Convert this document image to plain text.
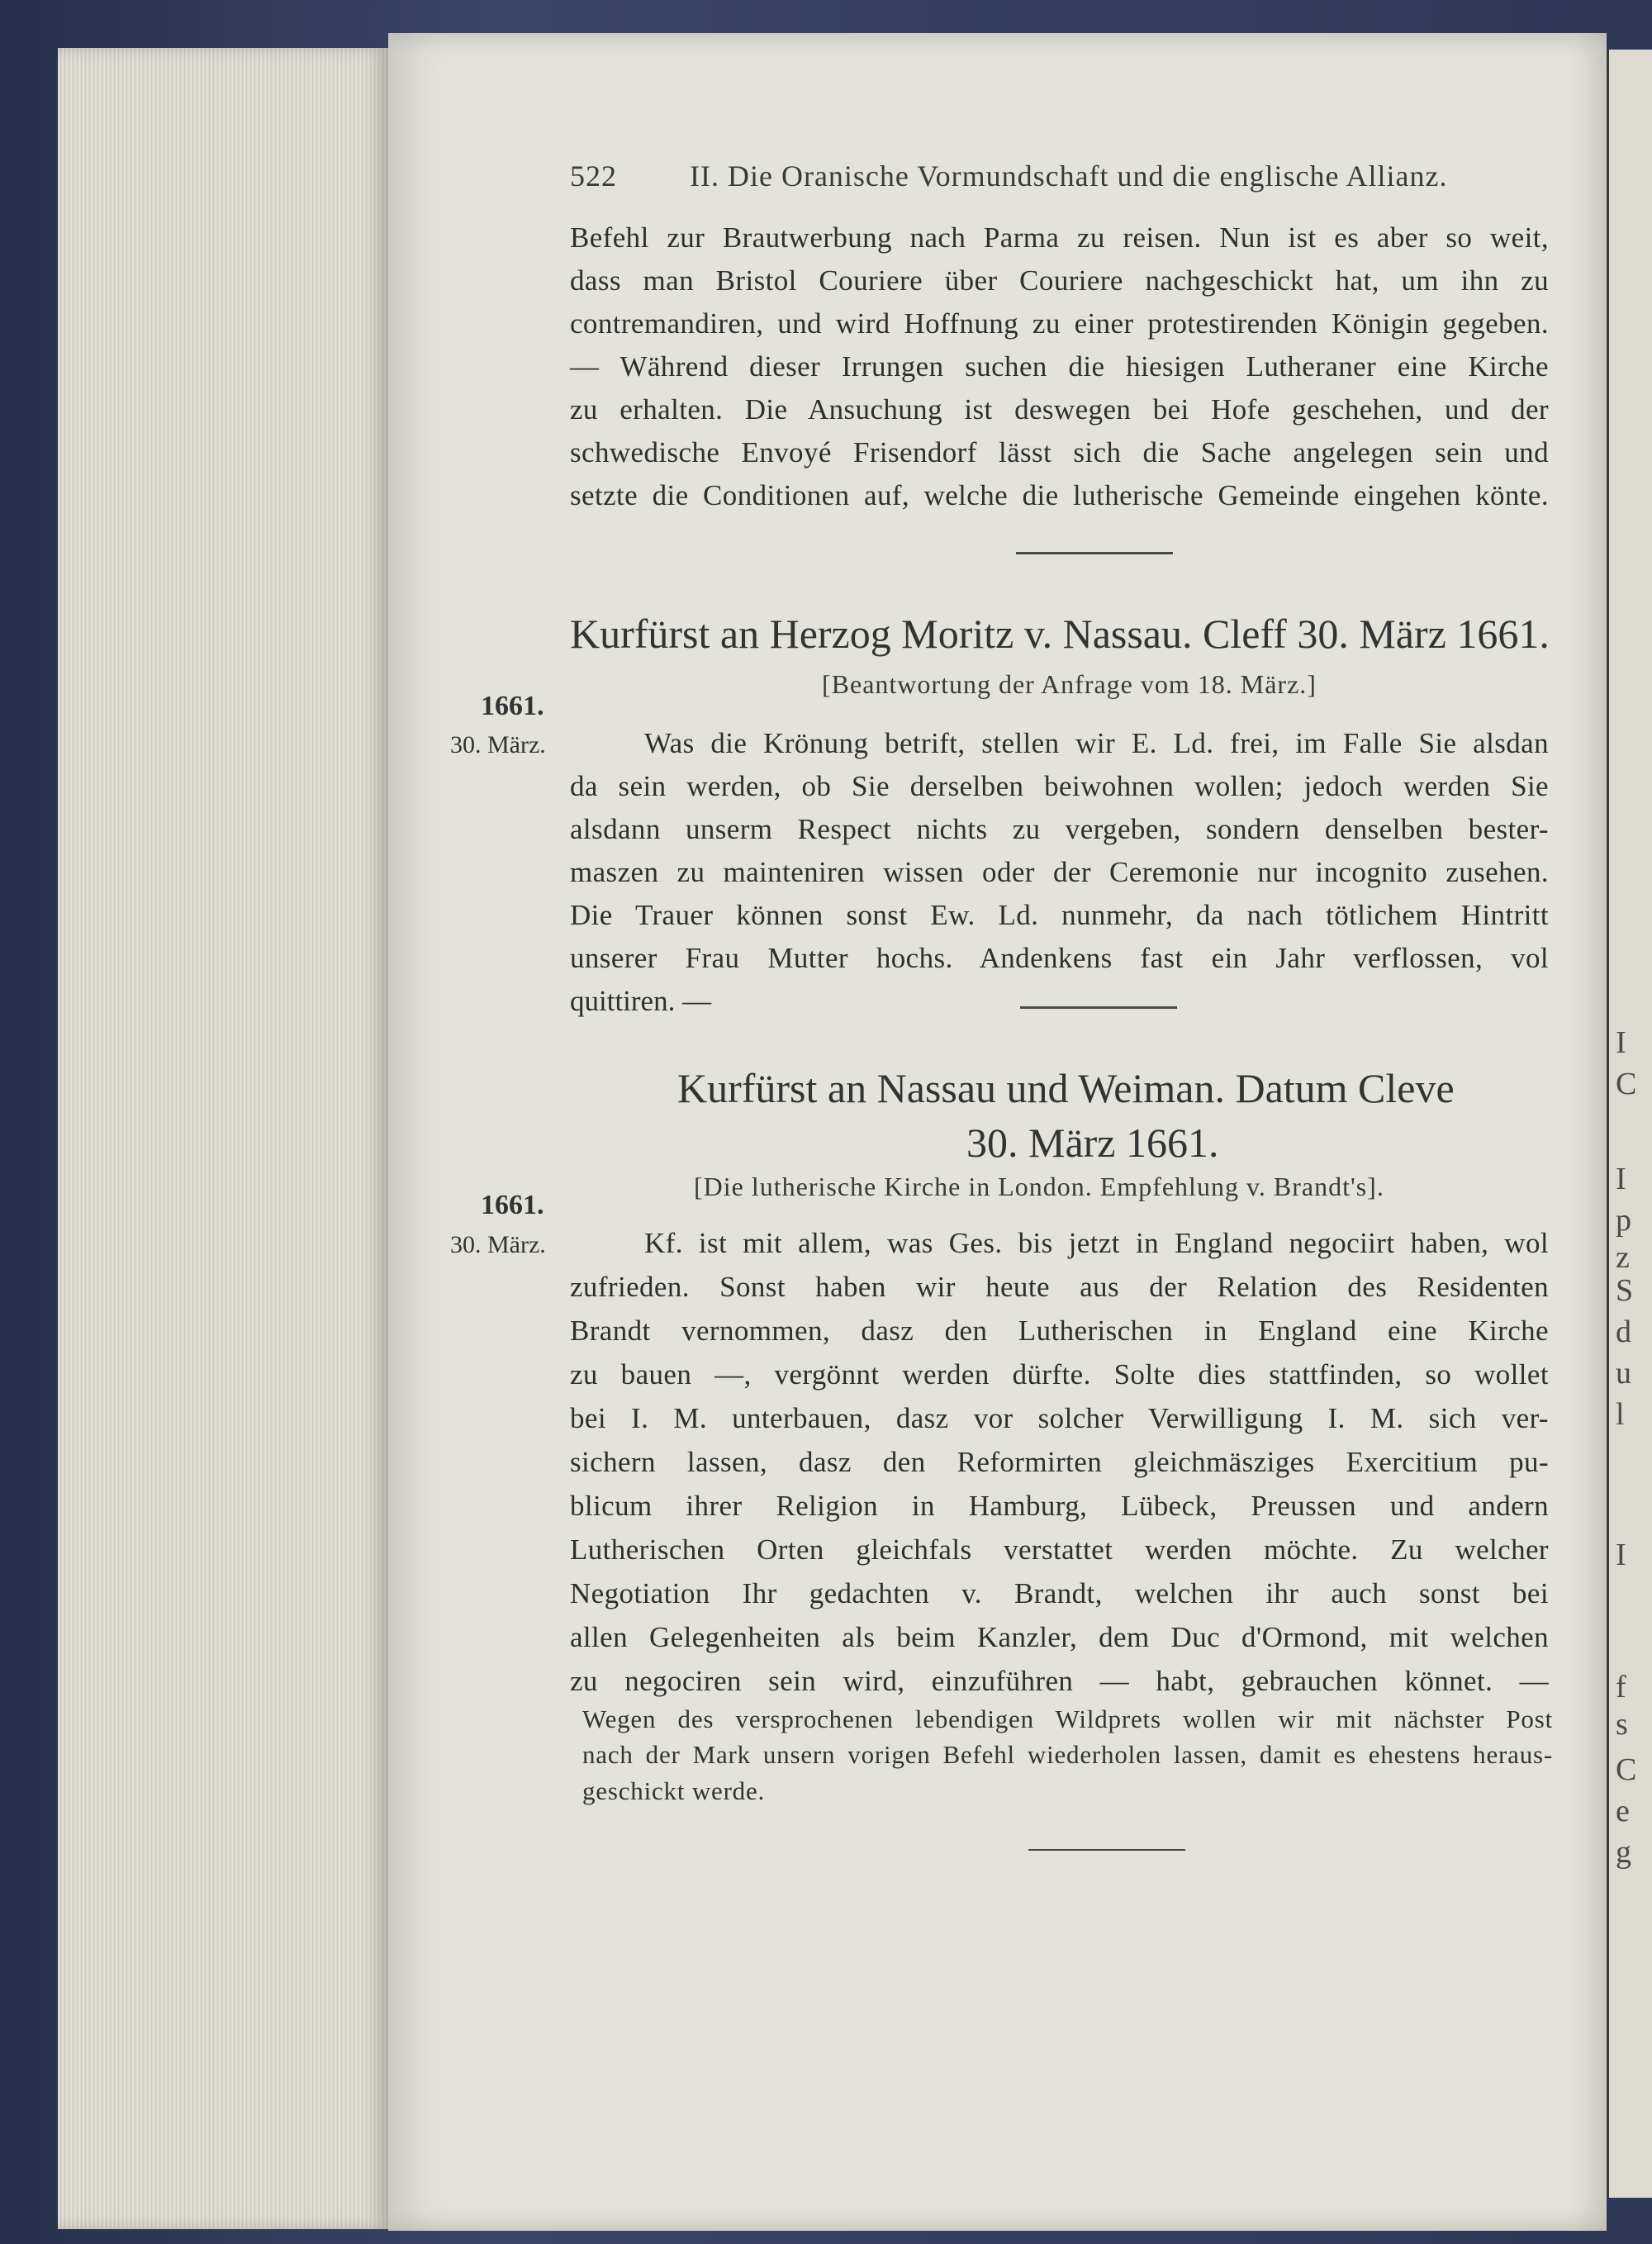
I
C
I
p
z
S
d
u
l
I
f
s
C
e
g
522 II. Die Oranische Vormundschaft und die englische Allianz.
Befehl zur Brautwerbung nach Parma zu reisen. Nun ist es aber so weit,
dass man Bristol Couriere über Couriere nachgeschickt hat, um ihn zu
contremandiren, und wird Hoffnung zu einer protestirenden Königin gegeben.
— Während dieser Irrungen suchen die hiesigen Lutheraner eine Kirche
zu erhalten. Die Ansuchung ist deswegen bei Hofe geschehen, und der
schwedische Envoyé Frisendorf lässt sich die Sache angelegen sein und
setzte die Conditionen auf, welche die lutherische Gemeinde eingehen könte.
Kurfürst an Herzog Moritz v. Nassau. Cleff 30. März 1661.
[Beantwortung der Anfrage vom 18. März.]
1661.
30. März.	Was die Krönung betrift, stellen wir E. Ld. frei, im Falle Sie alsdan
da sein werden, ob Sie derselben beiwohnen wollen; jedoch werden Sie
alsdann unserm Respect nichts zu vergeben, sondern denselben bester-
maszen zu mainteniren wissen oder der Ceremonie nur incognito zusehen.
Die Trauer können sonst Ew. Ld. nunmehr, da nach tötlichem Hintritt
unserer Frau Mutter hochs. Andenkens fast ein Jahr verflossen, vol
quittiren. —
Kurfürst an Nassau und Weiman. Datum Cleve
30. März 1661.
[Die lutherische Kirche in London. Empfehlung v. Brandt's].
1661.
30. März.	Kf. ist mit allem, was Ges. bis jetzt in England negociirt haben, wol
zufrieden. Sonst haben wir heute aus der Relation des Residenten
Brandt vernommen, dasz den Lutherischen in England eine Kirche
zu bauen —, vergönnt werden dürfte. Solte dies stattfinden, so wollet
bei I. M. unterbauen, dasz vor solcher Verwilligung I. M. sich ver-
sichern lassen, dasz den Reformirten gleichmäsziges Exercitium pu-
blicum ihrer Religion in Hamburg, Lübeck, Preussen und andern
Lutherischen Orten gleichfals verstattet werden möchte. Zu welcher
Negotiation Ihr gedachten v. Brandt, welchen ihr auch sonst bei
allen Gelegenheiten als beim Kanzler, dem Duc d'Ormond, mit welchen
zu negociren sein wird, einzuführen — habt, gebrauchen könnet. —
Wegen des versprochenen lebendigen Wildprets wollen wir mit nächster Post
nach der Mark unsern vorigen Befehl wiederholen lassen, damit es ehestens heraus-
geschickt werde.
